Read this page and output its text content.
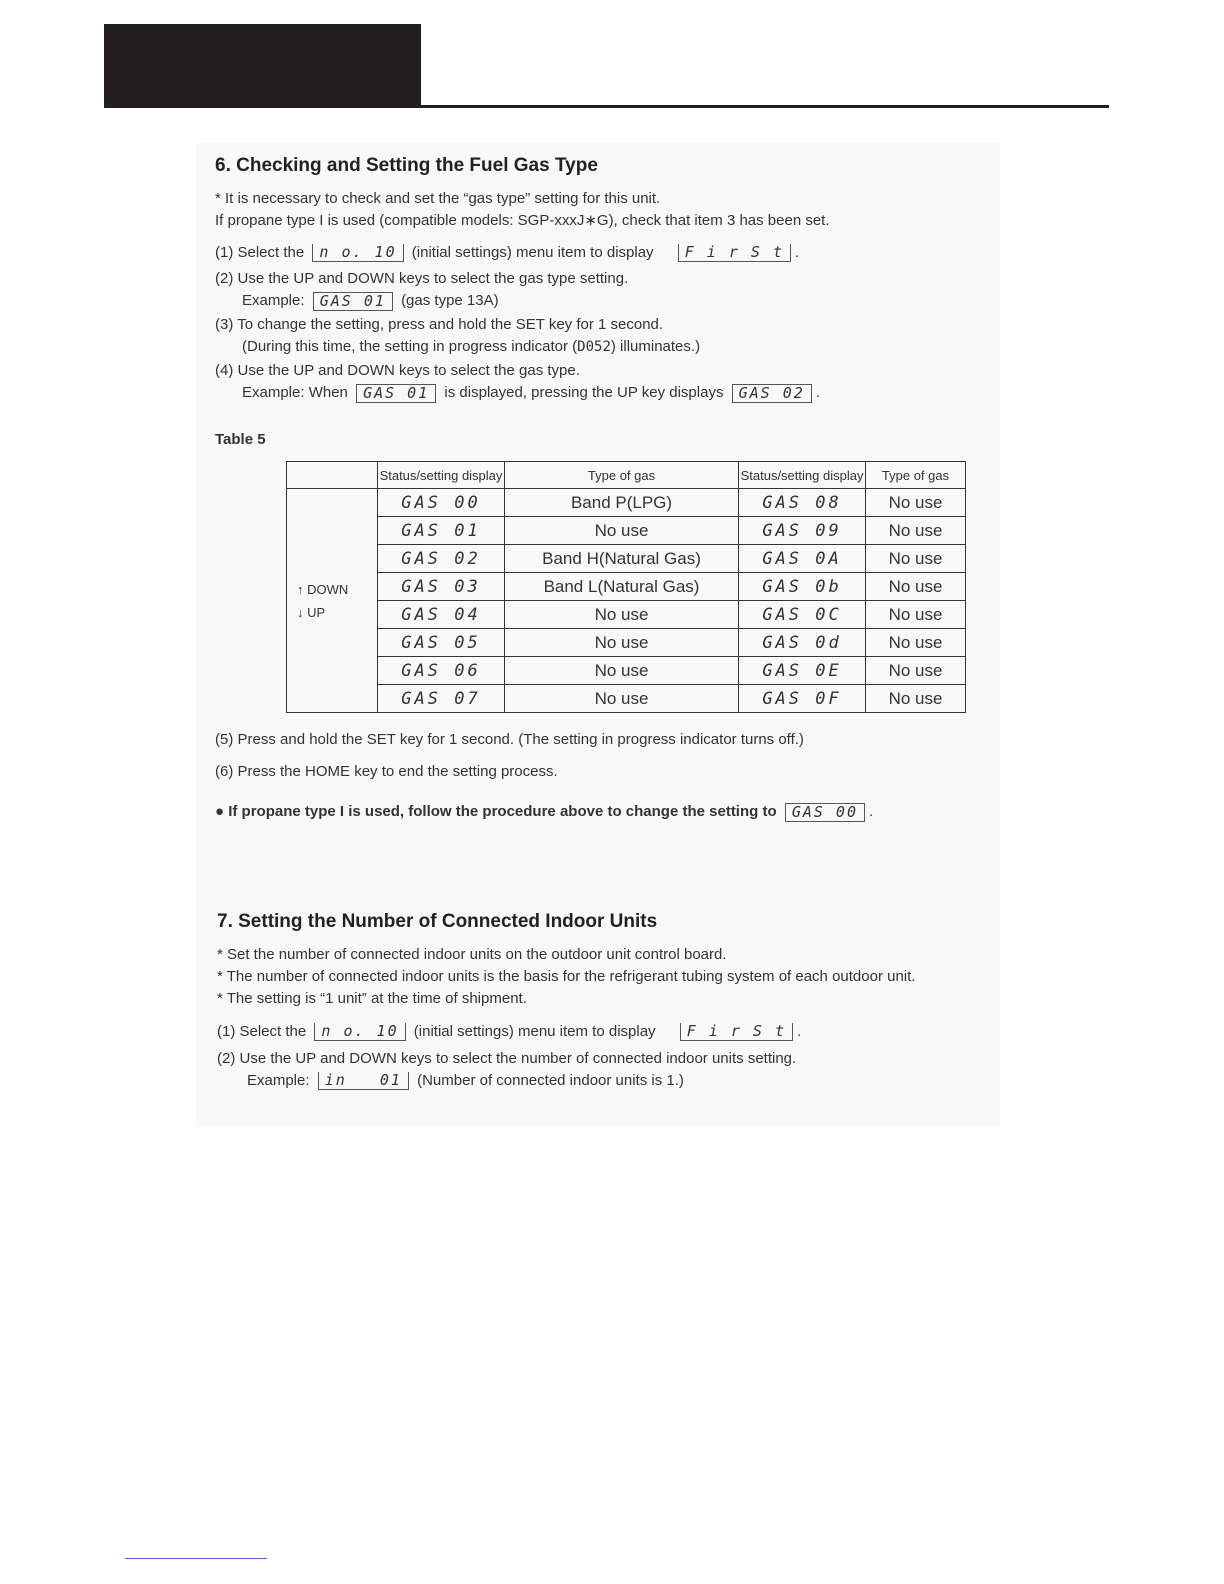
6. Checking and Setting the Fuel Gas Type

* It is necessary to check and set the “gas type” setting for this unit.

If propane type I is used (compatible models: SGP-xxxJ∗G), check that item 3 has been set.

(1) Select the n o. 10 (initial settings) menu item to display F i r S t .

(2) Use the UP and DOWN keys to select the gas type setting.

Example: GAS 01 (gas type 13A)

(3) To change the setting, press and hold the SET key for 1 second.

(During this time, the setting in progress indicator (D052) illuminates.)

(4) Use the UP and DOWN keys to select the gas type.

Example: When GAS 01 is displayed, pressing the UP key displays GAS 02 .

Table 5

	Status/setting display	Type of gas	Status/setting display	Type of gas

↑ DOWN
↓ UP	GAS 00	Band P(LPG)	GAS 08	No use
	GAS 01	No use	GAS 09	No use
	GAS 02	Band H(Natural Gas)	GAS 0A	No use
	GAS 03	Band L(Natural Gas)	GAS 0b	No use
	GAS 04	No use	GAS 0C	No use
	GAS 05	No use	GAS 0d	No use
	GAS 06	No use	GAS 0E	No use
	GAS 07	No use	GAS 0F	No use

(5) Press and hold the SET key for 1 second. (The setting in progress indicator turns off.)

(6) Press the HOME key to end the setting process.

● If propane type I is used, follow the procedure above to change the setting to GAS 00 .

7. Setting the Number of Connected Indoor Units

* Set the number of connected indoor units on the outdoor unit control board.

* The number of connected indoor units is the basis for the refrigerant tubing system of each outdoor unit.

* The setting is “1 unit” at the time of shipment.

(1) Select the n o. 10 (initial settings) menu item to display F i r S t .

(2) Use the UP and DOWN keys to select the number of connected indoor units setting.

Example: in   01 (Number of connected indoor units is 1.)
